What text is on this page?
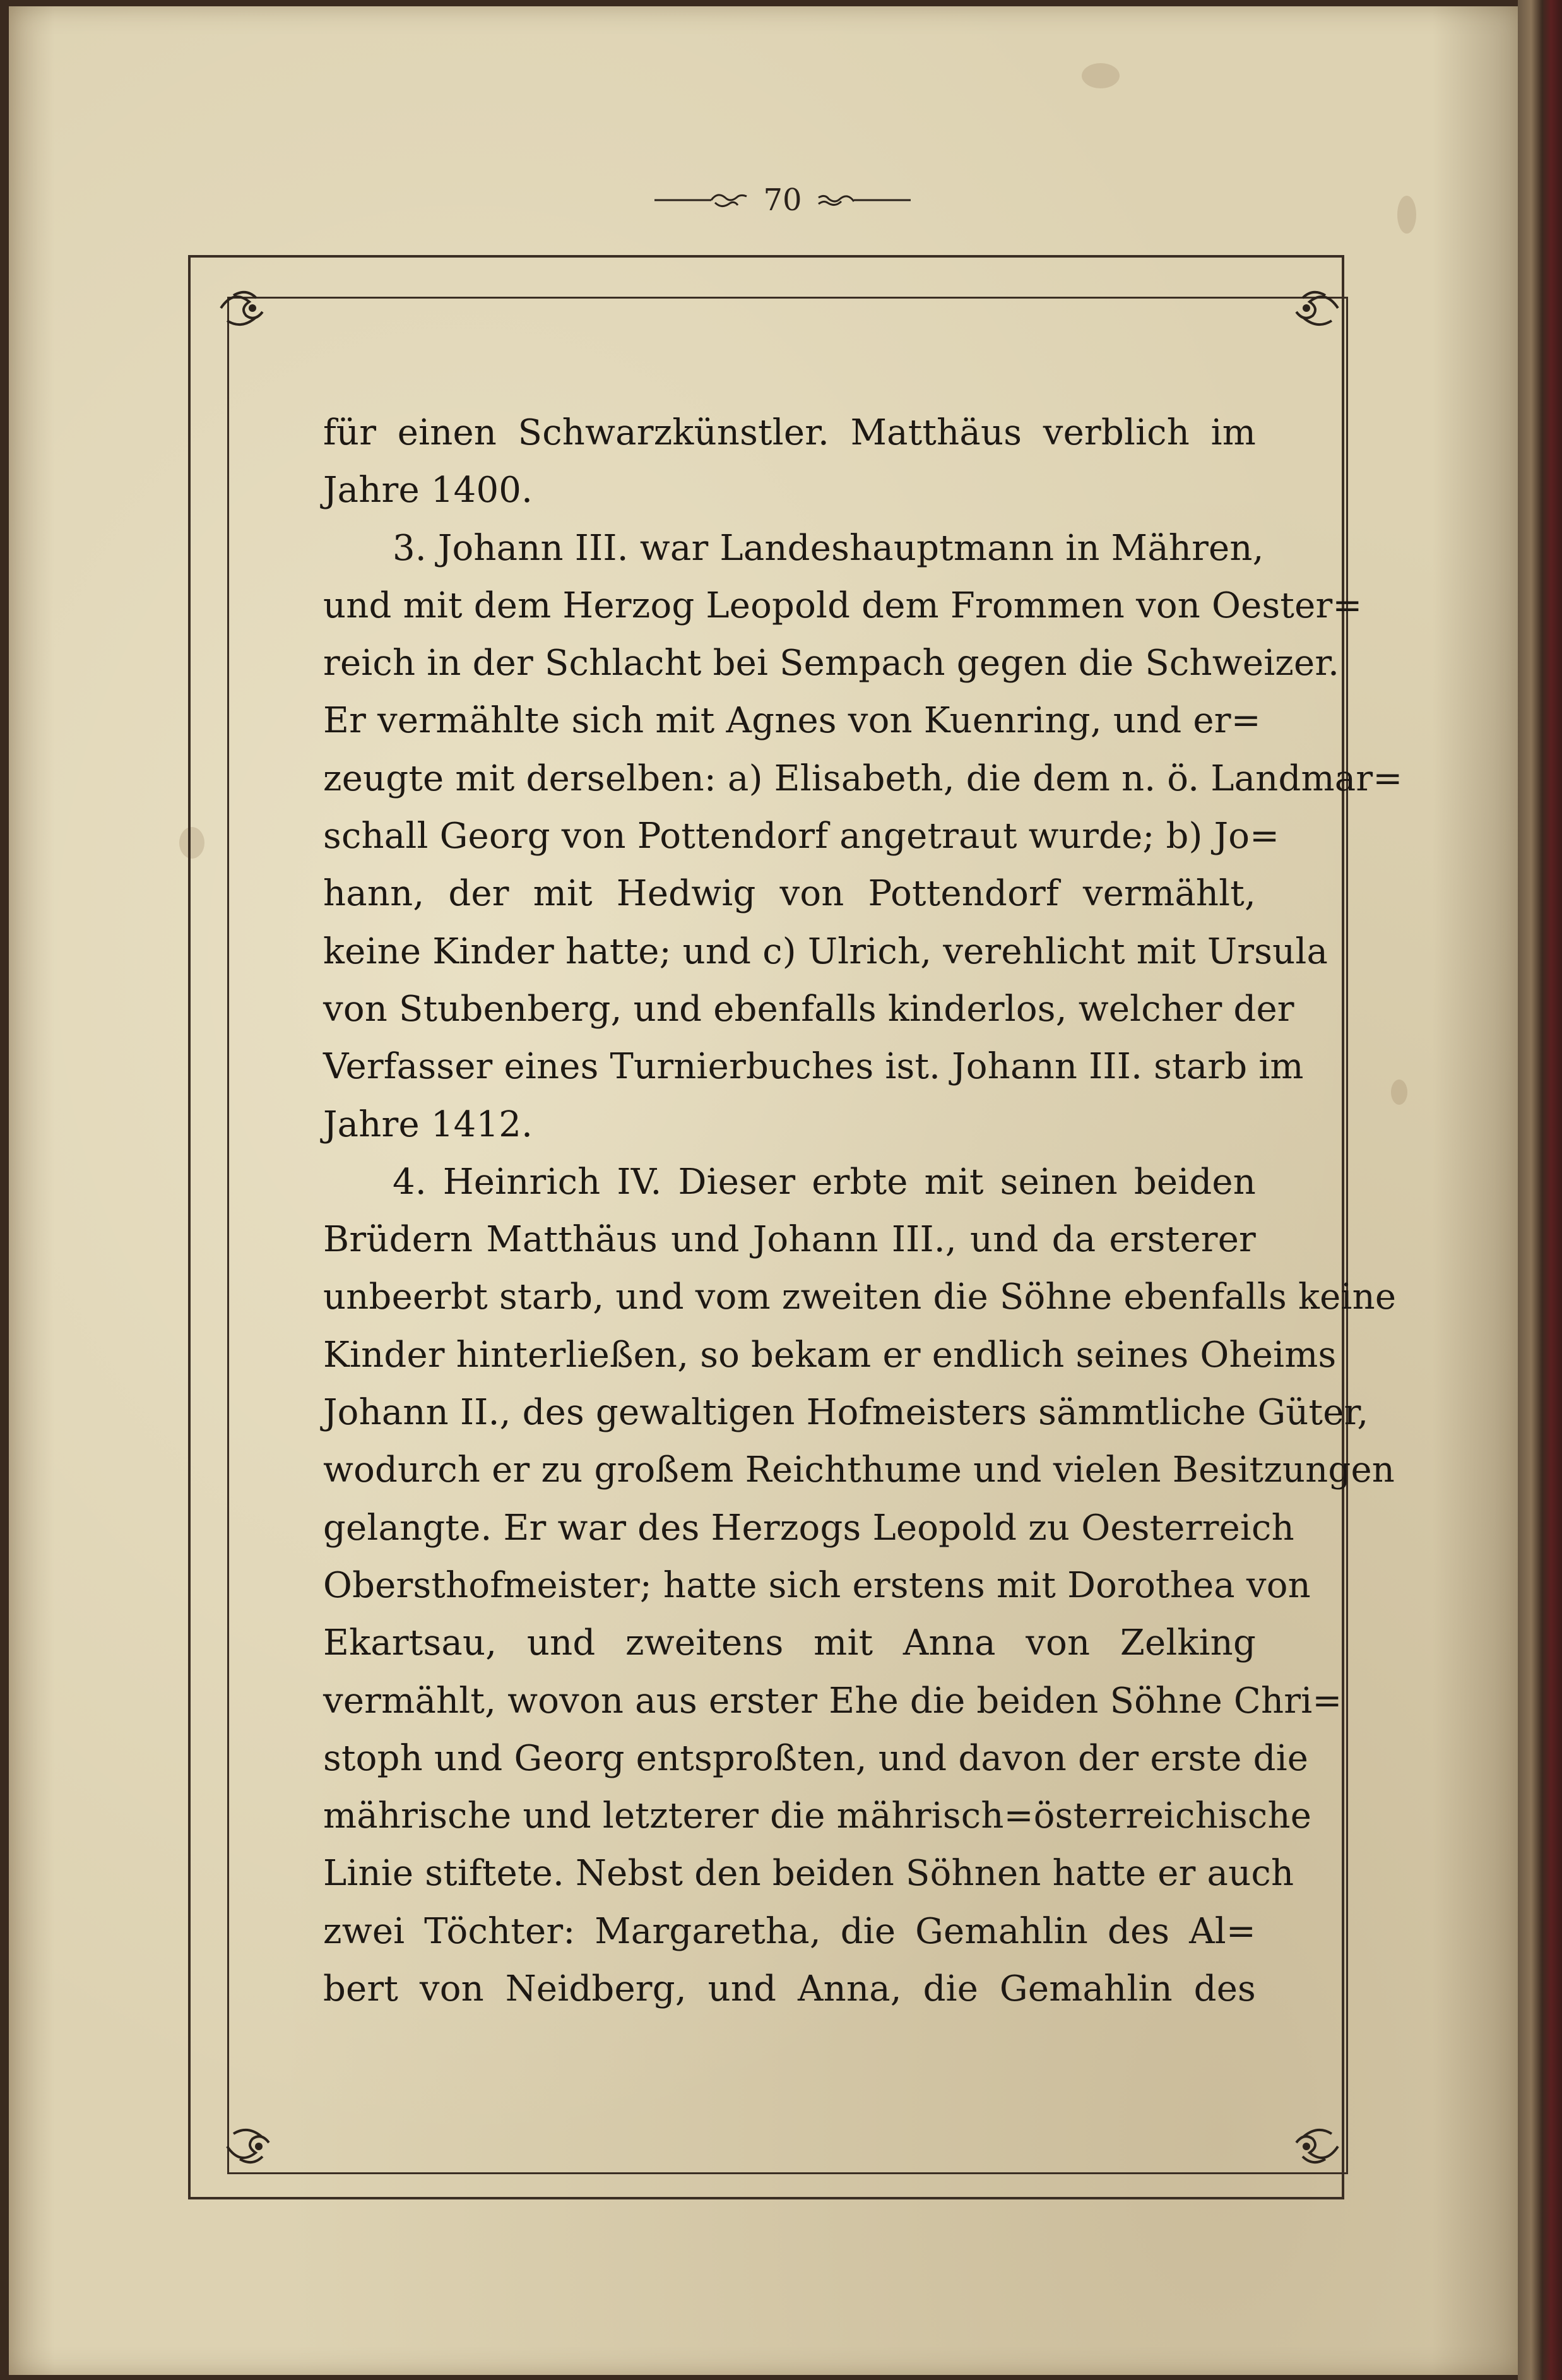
70
für einen Schwarzkünstler. Matthäus verblich im
Jahre 1400.
3. Johann III. war Landeshauptmann in Mähren,
und mit dem Herzog Leopold dem Frommen von Oester=
reich in der Schlacht bei Sempach gegen die Schweizer.
Er vermählte sich mit Agnes von Kuenring, und er=
zeugte mit derselben: a) Elisabeth, die dem n. ö. Landmar=
schall Georg von Pottendorf angetraut wurde; b) Jo=
hann, der mit Hedwig von Pottendorf vermählt,
keine Kinder hatte; und c) Ulrich, verehlicht mit Ursula
von Stubenberg, und ebenfalls kinderlos, welcher der
Verfasser eines Turnierbuches ist. Johann III. starb im
Jahre 1412.
4. Heinrich IV. Dieser erbte mit seinen beiden
Brüdern Matthäus und Johann III., und da ersterer
unbeerbt starb, und vom zweiten die Söhne ebenfalls keine
Kinder hinterließen, so bekam er endlich seines Oheims
Johann II., des gewaltigen Hofmeisters sämmtliche Güter,
wodurch er zu großem Reichthume und vielen Besitzungen
gelangte. Er war des Herzogs Leopold zu Oesterreich
Obersthofmeister; hatte sich erstens mit Dorothea von
Ekartsau, und zweitens mit Anna von Zelking
vermählt, wovon aus erster Ehe die beiden Söhne Chri=
stoph und Georg entsproßten, und davon der erste die
mährische und letzterer die mährisch=österreichische
Linie stiftete. Nebst den beiden Söhnen hatte er auch
zwei Töchter: Margaretha, die Gemahlin des Al=
bert von Neidberg, und Anna, die Gemahlin des
